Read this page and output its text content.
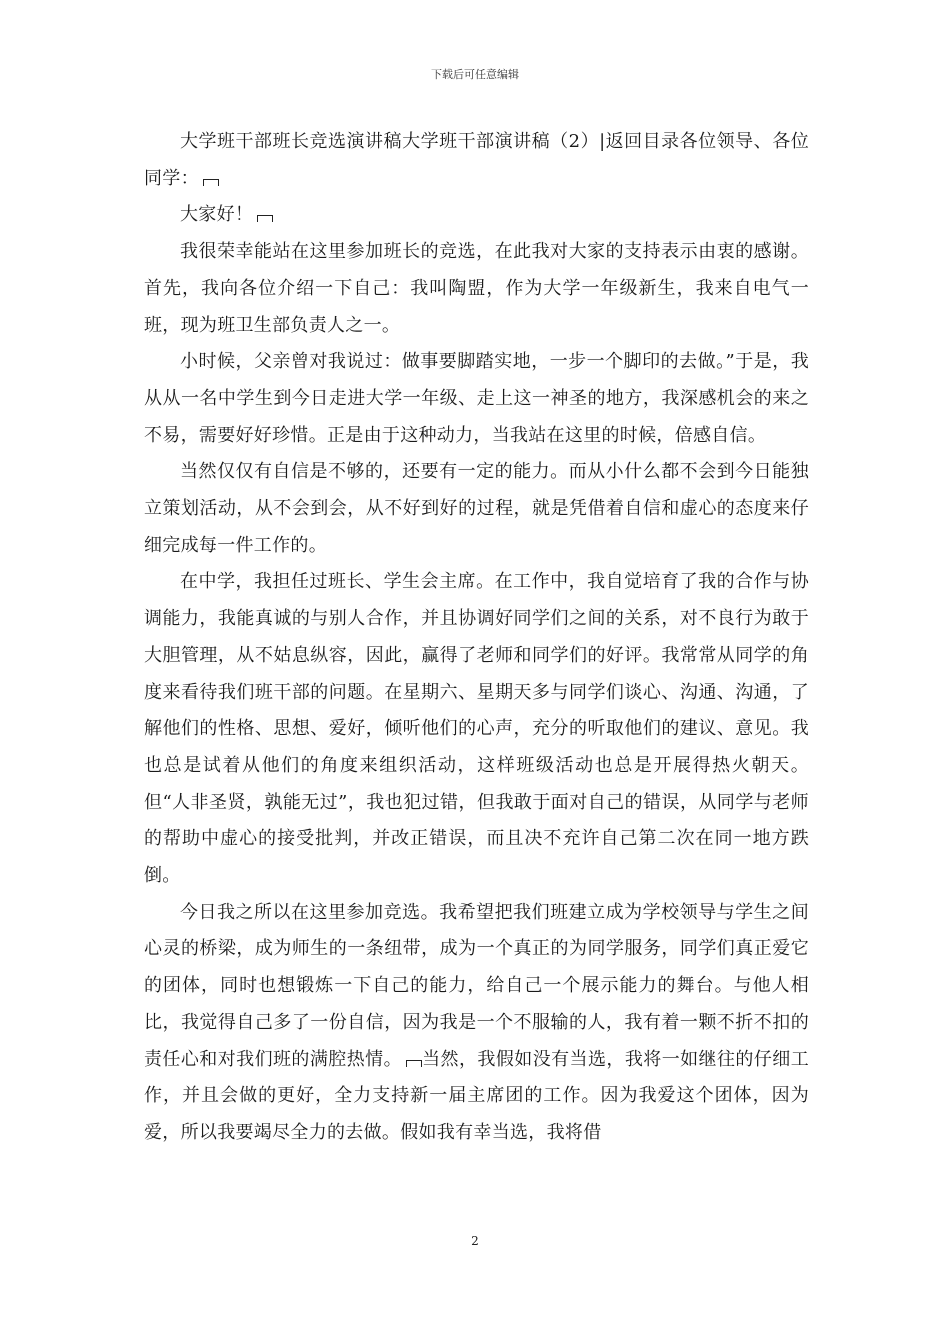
下载后可任意编辑

大学班干部班长竞选演讲稿大学班干部演讲稿（2）|返回目录各位领导、各位同学：

大家好！

我很荣幸能站在这里参加班长的竞选，在此我对大家的支持表示由衷的感谢。首先，我向各位介绍一下自己：我叫陶盟，作为大学一年级新生，我来自电气一班，现为班卫生部负责人之一。

小时候，父亲曾对我说过：做事要脚踏实地，一步一个脚印的去做。”于是，我从从一名中学生到今日走进大学一年级、走上这一神圣的地方，我深感机会的来之不易，需要好好珍惜。正是由于这种动力，当我站在这里的时候，倍感自信。

当然仅仅有自信是不够的，还要有一定的能力。而从小什么都不会到今日能独立策划活动，从不会到会，从不好到好的过程，就是凭借着自信和虚心的态度来仔细完成每一件工作的。

在中学，我担任过班长、学生会主席。在工作中，我自觉培育了我的合作与协调能力，我能真诚的与别人合作，并且协调好同学们之间的关系，对不良行为敢于大胆管理，从不姑息纵容，因此，赢得了老师和同学们的好评。我常常从同学的角度来看待我们班干部的问题。在星期六、星期天多与同学们谈心、沟通、沟通，了解他们的性格、思想、爱好，倾听他们的心声，充分的听取他们的建议、意见。我也总是试着从他们的角度来组织活动，这样班级活动也总是开展得热火朝天。但“人非圣贤，孰能无过”，我也犯过错，但我敢于面对自己的错误，从同学与老师的帮助中虚心的接受批判，并改正错误，而且决不充许自己第二次在同一地方跌倒。

今日我之所以在这里参加竞选。我希望把我们班建立成为学校领导与学生之间心灵的桥梁，成为师生的一条纽带，成为一个真正的为同学服务，同学们真正爱它的团体，同时也想锻炼一下自己的能力，给自己一个展示能力的舞台。与他人相比，我觉得自己多了一份自信，因为我是一个不服输的人，我有着一颗不折不扣的责任心和对我们班的满腔热情。 当然，我假如没有当选，我将一如继往的仔细工作，并且会做的更好，全力支持新一届主席团的工作。因为我爱这个团体，因为爱，所以我要竭尽全力的去做。假如我有幸当选，我将借

2
